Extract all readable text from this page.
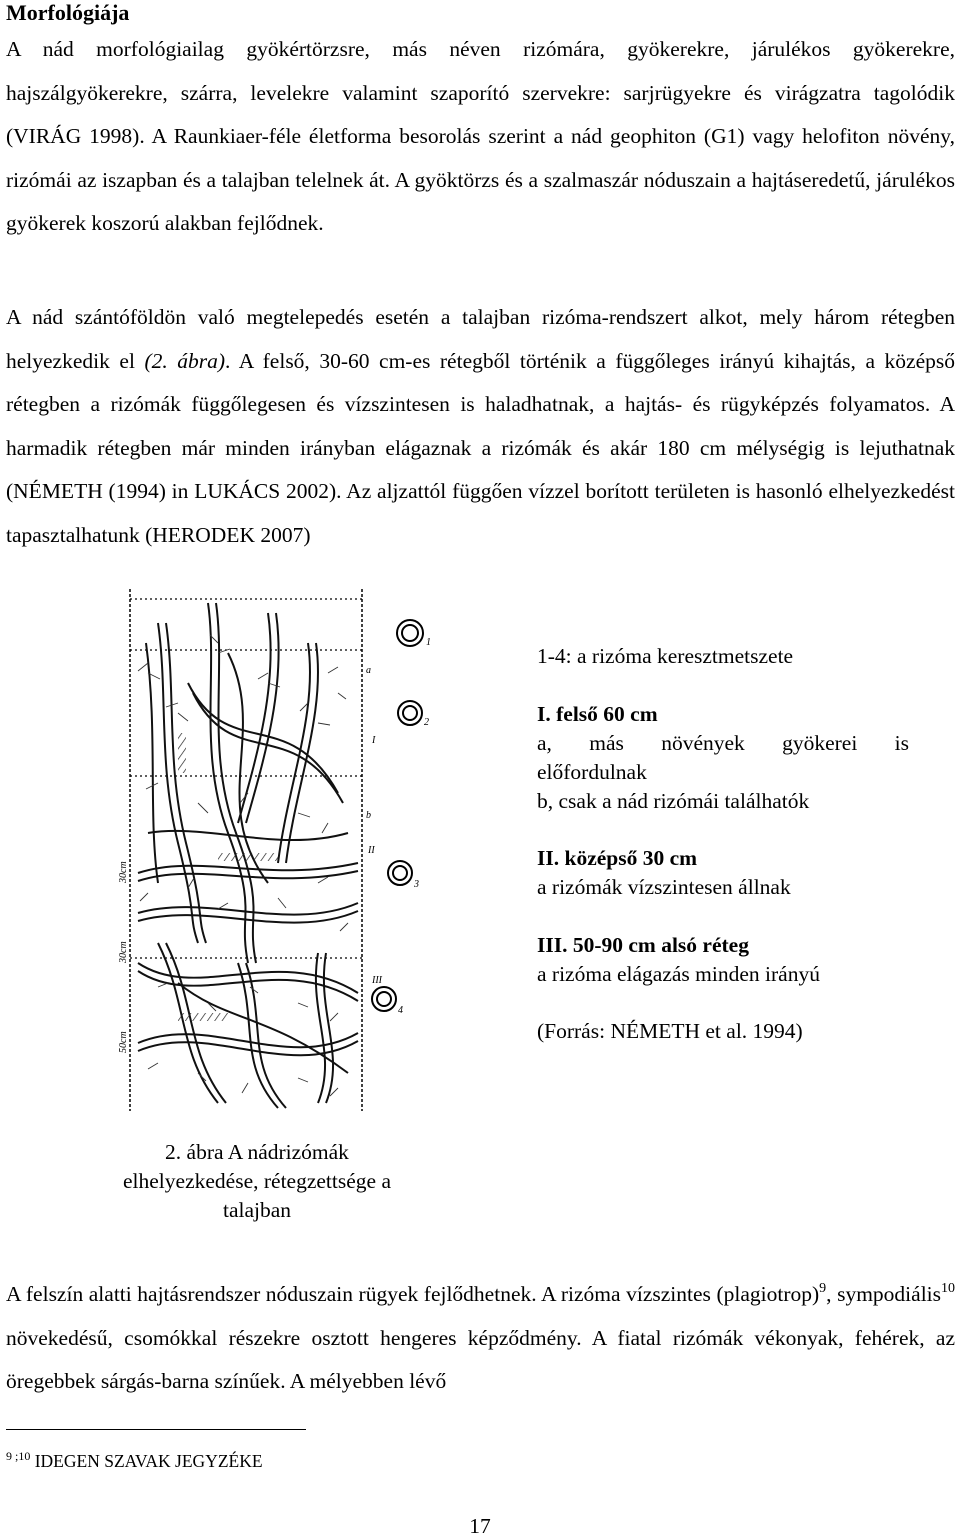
Morfológiája
A nád morfológiailag gyökértörzsre, más néven rizómára, gyökerekre, járulékos gyökerekre, hajszálgyökerekre, szárra, levelekre valamint szaporító szervekre: sarjrügyekre és virágzatra tagolódik (VIRÁG 1998). A Raunkiaer-féle életforma besorolás szerint a nád geophiton (G1) vagy helofiton növény, rizómái az iszapban és a talajban telelnek át. A gyöktörzs és a szalmaszár nóduszain a hajtáseredetű, járulékos gyökerek koszorú alakban fejlődnek.
A nád szántóföldön való megtelepedés esetén a talajban rizóma-rendszert alkot, mely három rétegben helyezkedik el (2. ábra). A felső, 30-60 cm-es rétegből történik a függőleges irányú kihajtás, a középső rétegben a rizómák függőlegesen és vízszintesen is haladhatnak, a hajtás- és rügyképzés folyamatos. A harmadik rétegben már minden irányban elágaznak a rizómák és akár 180 cm mélységig is lejuthatnak (NÉMETH (1994) in LUKÁCS 2002). Az aljzattól függően vízzel borított területen is hasonló elhelyezkedést tapasztalhatunk (HERODEK 2007)
1
2
3
4
a
b
I
II
III
30cm
30cm
50cm
1-4: a rizóma keresztmetszete
I. felső 60 cm
a, más növények gyökerei is
előfordulnak
b, csak a nád rizómái találhatók
II. középső 30 cm
a rizómák vízszintesen állnak
III. 50-90 cm alsó réteg
a rizóma elágazás minden irányú
(Forrás: NÉMETH et al. 1994)
2. ábra A nádrizómák
elhelyezkedése, rétegzettsége a
talajban
A felszín alatti hajtásrendszer nóduszain rügyek fejlődhetnek. A rizóma vízszintes (plagiotrop)$^9$, sympodiális$^{10}$ növekedésű, csomókkal részekre osztott hengeres képződmény. A fiatal rizómák vékonyak, fehérek, az öregebbek sárgás-barna színűek. A mélyebben lévő
$^{9 ;10}$ IDEGEN SZAVAK JEGYZÉKE
17
